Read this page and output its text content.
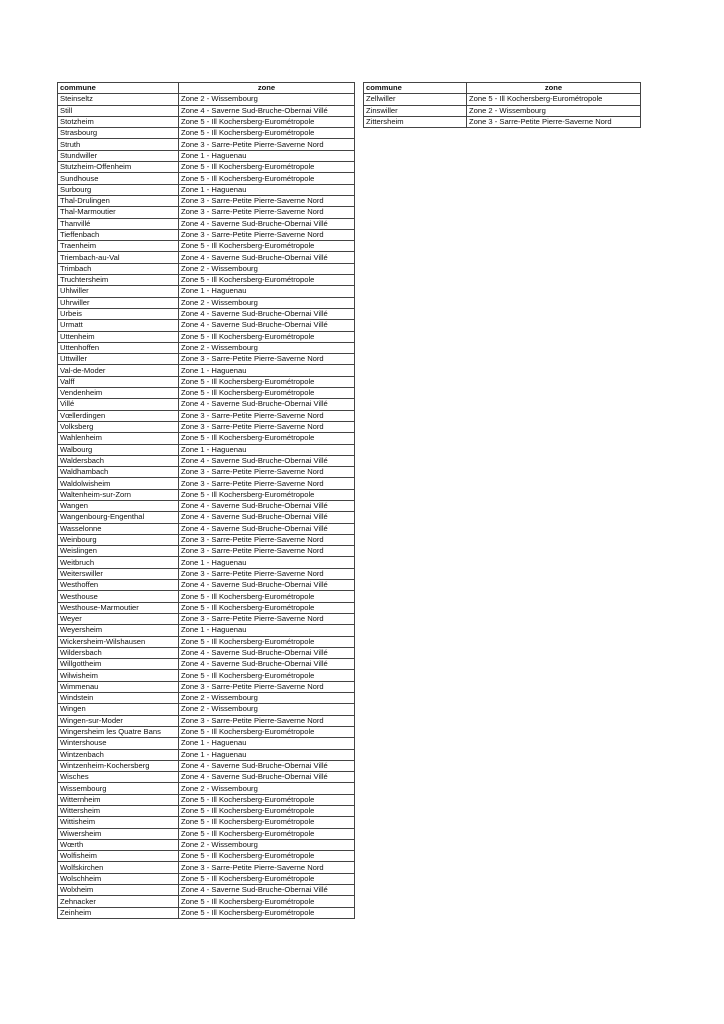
commune	zone
Steinseltz	Zone 2 - Wissembourg
Still	Zone 4 - Saverne Sud-Bruche-Obernai Villé
Stotzheim	Zone 5 - Ill Kochersberg-Eurométropole
Strasbourg	Zone 5 - Ill Kochersberg-Eurométropole
Struth	Zone 3 - Sarre-Petite Pierre-Saverne Nord
Stundwiller	Zone 1 - Haguenau
Stutzheim-Offenheim	Zone 5 - Ill Kochersberg-Eurométropole
Sundhouse	Zone 5 - Ill Kochersberg-Eurométropole
Surbourg	Zone 1 - Haguenau
Thal-Drulingen	Zone 3 - Sarre-Petite Pierre-Saverne Nord
Thal-Marmoutier	Zone 3 - Sarre-Petite Pierre-Saverne Nord
Thanvillé	Zone 4 - Saverne Sud-Bruche-Obernai Villé
Tieffenbach	Zone 3 - Sarre-Petite Pierre-Saverne Nord
Traenheim	Zone 5 - Ill Kochersberg-Eurométropole
Triembach-au-Val	Zone 4 - Saverne Sud-Bruche-Obernai Villé
Trimbach	Zone 2 - Wissembourg
Truchtersheim	Zone 5 - Ill Kochersberg-Eurométropole
Uhlwiller	Zone 1 - Haguenau
Uhrwiller	Zone 2 - Wissembourg
Urbeis	Zone 4 - Saverne Sud-Bruche-Obernai Villé
Urmatt	Zone 4 - Saverne Sud-Bruche-Obernai Villé
Uttenheim	Zone 5 - Ill Kochersberg-Eurométropole
Uttenhoffen	Zone 2 - Wissembourg
Uttwiller	Zone 3 - Sarre-Petite Pierre-Saverne Nord
Val-de-Moder	Zone 1 - Haguenau
Valff	Zone 5 - Ill Kochersberg-Eurométropole
Vendenheim	Zone 5 - Ill Kochersberg-Eurométropole
Villé	Zone 4 - Saverne Sud-Bruche-Obernai Villé
Vœllerdingen	Zone 3 - Sarre-Petite Pierre-Saverne Nord
Volksberg	Zone 3 - Sarre-Petite Pierre-Saverne Nord
Wahlenheim	Zone 5 - Ill Kochersberg-Eurométropole
Walbourg	Zone 1 - Haguenau
Waldersbach	Zone 4 - Saverne Sud-Bruche-Obernai Villé
Waldhambach	Zone 3 - Sarre-Petite Pierre-Saverne Nord
Waldolwisheim	Zone 3 - Sarre-Petite Pierre-Saverne Nord
Waltenheim-sur-Zorn	Zone 5 - Ill Kochersberg-Eurométropole
Wangen	Zone 4 - Saverne Sud-Bruche-Obernai Villé
Wangenbourg-Engenthal	Zone 4 - Saverne Sud-Bruche-Obernai Villé
Wasselonne	Zone 4 - Saverne Sud-Bruche-Obernai Villé
Weinbourg	Zone 3 - Sarre-Petite Pierre-Saverne Nord
Weislingen	Zone 3 - Sarre-Petite Pierre-Saverne Nord
Weitbruch	Zone 1 - Haguenau
Weiterswiller	Zone 3 - Sarre-Petite Pierre-Saverne Nord
Westhoffen	Zone 4 - Saverne Sud-Bruche-Obernai Villé
Westhouse	Zone 5 - Ill Kochersberg-Eurométropole
Westhouse-Marmoutier	Zone 5 - Ill Kochersberg-Eurométropole
Weyer	Zone 3 - Sarre-Petite Pierre-Saverne Nord
Weyersheim	Zone 1 - Haguenau
Wickersheim-Wilshausen	Zone 5 - Ill Kochersberg-Eurométropole
Wildersbach	Zone 4 - Saverne Sud-Bruche-Obernai Villé
Willgottheim	Zone 4 - Saverne Sud-Bruche-Obernai Villé
Wilwisheim	Zone 5 - Ill Kochersberg-Eurométropole
Wimmenau	Zone 3 - Sarre-Petite Pierre-Saverne Nord
Windstein	Zone 2 - Wissembourg
Wingen	Zone 2 - Wissembourg
Wingen-sur-Moder	Zone 3 - Sarre-Petite Pierre-Saverne Nord
Wingersheim les Quatre Bans	Zone 5 - Ill Kochersberg-Eurométropole
Wintershouse	Zone 1 - Haguenau
Wintzenbach	Zone 1 - Haguenau
Wintzenheim-Kochersberg	Zone 4 - Saverne Sud-Bruche-Obernai Villé
Wisches	Zone 4 - Saverne Sud-Bruche-Obernai Villé
Wissembourg	Zone 2 - Wissembourg
Witternheim	Zone 5 - Ill Kochersberg-Eurométropole
Wittersheim	Zone 5 - Ill Kochersberg-Eurométropole
Wittisheim	Zone 5 - Ill Kochersberg-Eurométropole
Wiwersheim	Zone 5 - Ill Kochersberg-Eurométropole
Wœrth	Zone 2 - Wissembourg
Wolfisheim	Zone 5 - Ill Kochersberg-Eurométropole
Wolfskirchen	Zone 3 - Sarre-Petite Pierre-Saverne Nord
Wolschheim	Zone 5 - Ill Kochersberg-Eurométropole
Wolxheim	Zone 4 - Saverne Sud-Bruche-Obernai Villé
Zehnacker	Zone 5 - Ill Kochersberg-Eurométropole
Zeinheim	Zone 5 - Ill Kochersberg-Eurométropole
commune	zone
Zellwiller	Zone 5 - Ill Kochersberg-Eurométropole
Zinswiller	Zone 2 - Wissembourg
Zittersheim	Zone 3 - Sarre-Petite Pierre-Saverne Nord
